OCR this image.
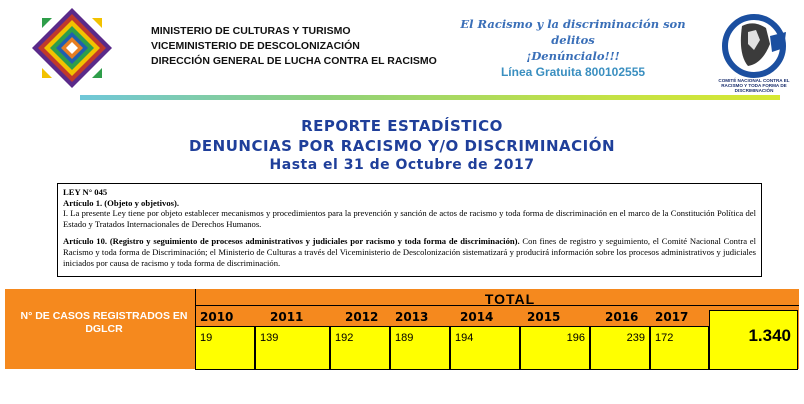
MINISTERIO DE CULTURAS Y TURISMO
VICEMINISTERIO DE DESCOLONIZACIÓN
DIRECCIÓN GENERAL DE LUCHA CONTRA EL RACISMO
El Racismo y la discriminación son delitos
¡Denúncialo!!!
Línea Gratuita 800102555
COMITÉ NACIONAL CONTRA EL RACISMO Y TODA FORMA DE DISCRIMINACIÓN
REPORTE ESTADÍSTICO
DENUNCIAS POR RACISMO Y/O DISCRIMINACIÓN
Hasta el 31 de Octubre de 2017
LEY N° 045
Artículo 1. (Objeto y objetivos).

I. La presente Ley tiene por objeto establecer mecanismos y procedimientos para la prevención y sanción de actos de racismo y toda forma de discriminación en el marco de la Constitución Política del Estado y Tratados Internacionales de Derechos Humanos.

Artículo 10. (Registro y seguimiento de procesos administrativos y judiciales por racismo y toda forma de discriminación). Con fines de registro y seguimiento, el Comité Nacional Contra el Racismo y toda forma de Discriminación; el Ministerio de Culturas a través del Viceministerio de Descolonización sistematizará y producirá información sobre los procesos administrativos y judiciales iniciados por causa de racismo y toda forma de discriminación.

N° DE CASOS REGISTRADOS EN DGLCR
TOTAL
2010	2011	2012 2013	2014	2015	2016 2017
19	139	192	189	194	196	239 172	1.340
